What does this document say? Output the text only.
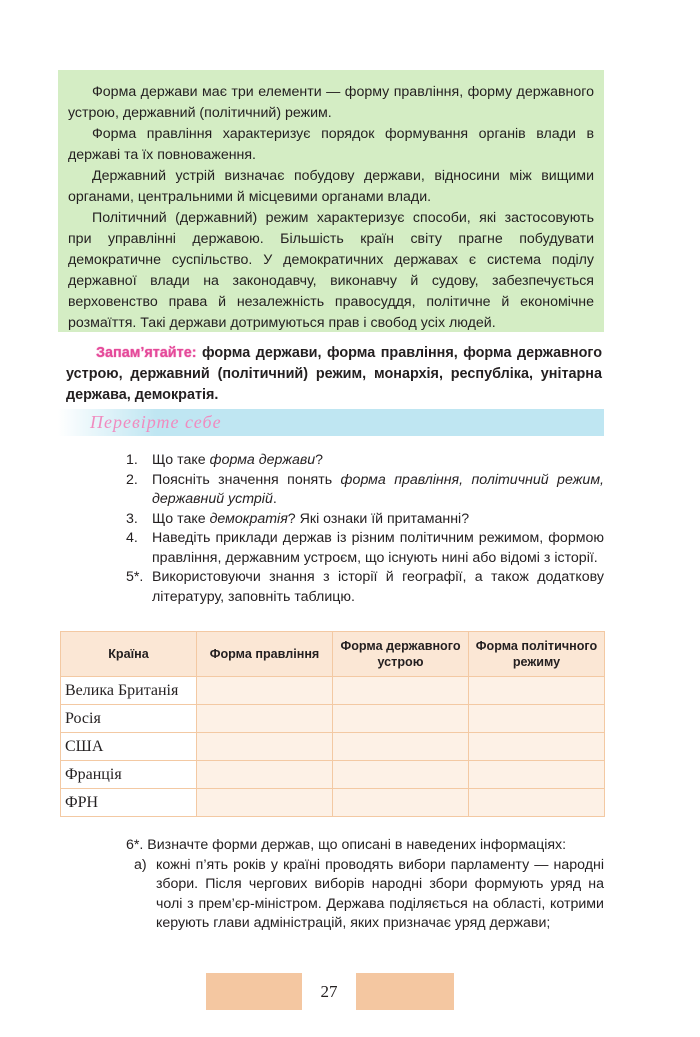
Форма держави має три елементи — форму правління, форму державного устрою, державний (політичний) режим.

Форма правління характеризує порядок формування органів влади в державі та їх повноваження.

Державний устрій визначає побудову держави, відносини між вищими органами, центральними й місцевими органами влади.

Політичний (державний) режим характеризує способи, які застосовують при управлінні державою. Більшість країн світу прагне побудувати демократичне суспільство. У демократичних державах є система поділу державної влади на законодавчу, виконавчу й судову, забезпечується верховенство права й незалежність правосуддя, політичне й економічне розмаїття. Такі держави дотримуються прав і свобод усіх людей.

Запам’ятайте: форма держави, форма правління, форма державного устрою, державний (політичний) режим, монархія, республіка, унітарна держава, демократія.
Перевірте себе
1. Що таке форма держави?
2. Поясніть значення понять форма правління, політичний режим, державний устрій.
3. Що таке демократія? Які ознаки їй притаманні?
4. Наведіть приклади держав із різним політичним режимом, формою правління, державним устроєм, що існують нині або відомі з історії.
5*. Використовуючи знання з історії й географії, а також додаткову літературу, заповніть таблицю.
Країна	Форма правління	Форма державного устрою	Форма політичного режиму
Велика Британія			
Росія			
США			
Франція			
ФРН			
6*. Визначте форми держав, що описані в наведених інформаціях:
а) кожні п’ять років у країні проводять вибори парламенту — народні збори. Після чергових виборів народні збори формують уряд на чолі з прем’єр-міністром. Держава поділяється на області, котрими керують глави адміністрацій, яких призначає уряд держави;
27
